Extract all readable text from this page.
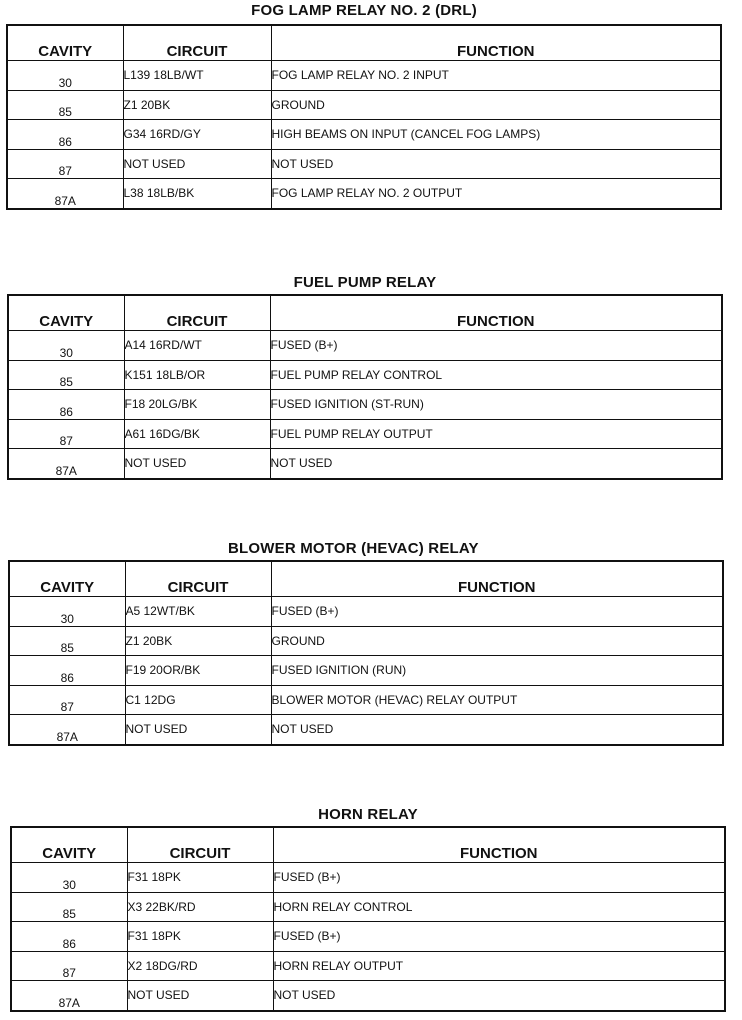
FOG LAMP RELAY NO. 2 (DRL)
CAVITY	CIRCUIT	FUNCTION
30	L139 18LB/WT	FOG LAMP RELAY NO. 2 INPUT
85	Z1 20BK	GROUND
86	G34 16RD/GY	HIGH BEAMS ON INPUT (CANCEL FOG LAMPS)
87	NOT USED	NOT USED
87A	L38 18LB/BK	FOG LAMP RELAY NO. 2 OUTPUT
FUEL PUMP RELAY
CAVITY	CIRCUIT	FUNCTION
30	A14 16RD/WT	FUSED (B+)
85	K151 18LB/OR	FUEL PUMP RELAY CONTROL
86	F18 20LG/BK	FUSED IGNITION (ST-RUN)
87	A61 16DG/BK	FUEL PUMP RELAY OUTPUT
87A	NOT USED	NOT USED
BLOWER MOTOR (HEVAC) RELAY
CAVITY	CIRCUIT	FUNCTION
30	A5 12WT/BK	FUSED (B+)
85	Z1 20BK	GROUND
86	F19 20OR/BK	FUSED IGNITION (RUN)
87	C1 12DG	BLOWER MOTOR (HEVAC) RELAY OUTPUT
87A	NOT USED	NOT USED
HORN RELAY
CAVITY	CIRCUIT	FUNCTION
30	F31 18PK	FUSED (B+)
85	X3 22BK/RD	HORN RELAY CONTROL
86	F31 18PK	FUSED (B+)
87	X2 18DG/RD	HORN RELAY OUTPUT
87A	NOT USED	NOT USED
